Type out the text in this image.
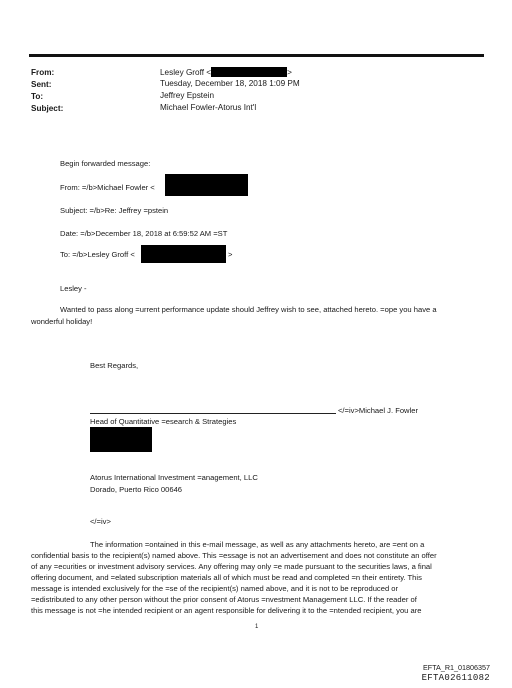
From:	Lesley Groff <	>
Sent:	Tuesday, December 18, 2018 1:09 PM
To:	Jeffrey Epstein
Subject:	Michael Fowler-Atorus Int'l
Begin forwarded message:
From: =/b>Michael Fowler <
Subject: =/b>Re: Jeffrey =pstein
Date: =/b>December 18, 2018 at 6:59:52 AM =ST
To: =/b>Lesley Groff <	>
Lesley -
Wanted to pass along =urrent performance update should Jeffrey wish to see, attached hereto. =ope you have a
wonderful holiday!
Best Regards,
</=iv>Michael J. Fowler
Head of Quantitative =esearch & Strategies
Atorus International Investment =anagement, LLC
Dorado, Puerto Rico 00646
</=iv>
The information =ontained in this e-mail message, as well as any attachments hereto, are =ent on a
confidential basis to the recipient(s) named above. This =essage is not an advertisement and does not constitute an offer
of any =ecurities or investment advisory services. Any offering may only =e made pursuant to the securities laws, a final
offering document, and =elated subscription materials all of which must be read and completed =n their entirety. This
message is intended exclusively for the =se of the recipient(s) named above, and it is not to be reproduced or
=edistributed to any other person without the prior consent of Atorus =nvestment Management LLC. If the reader of
this message is not =he intended recipient or an agent responsible for delivering it to the =ntended recipient, you are
1
EFTA_R1_01806357
EFTA02611082
